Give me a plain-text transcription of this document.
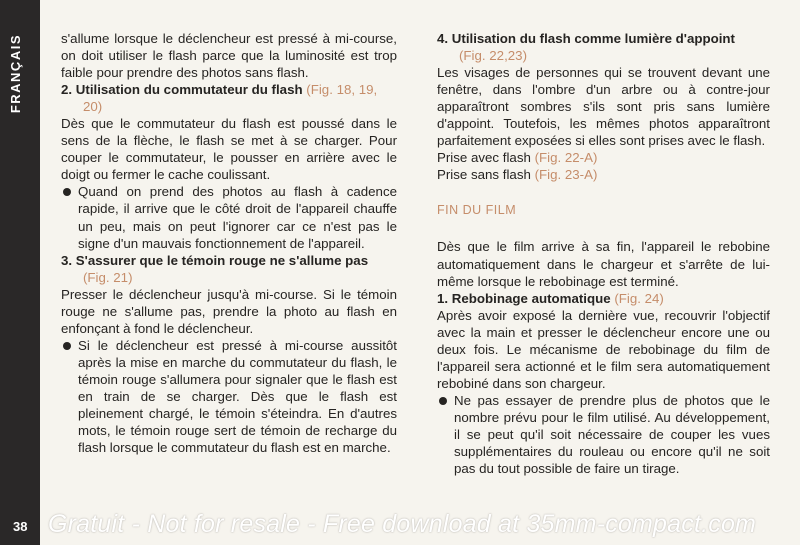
FRANÇAIS
38

s'allume lorsque le déclencheur est pressé à mi-course, on doit utiliser le flash parce que la luminosité est trop faible pour prendre des photos sans flash.

2. Utilisation du commutateur du flash (Fig. 18, 19,
20)

Dès que le commutateur du flash est poussé dans le sens de la flèche, le flash se met à se charger. Pour couper le commutateur, le pousser en arrière avec le doigt ou fermer le cache coulissant.

Quand on prend des photos au flash à cadence rapide, il arrive que le côté droit de l'appareil chauffe un peu, mais on peut l'ignorer car ce n'est pas le signe d'un mauvais fonctionnement de l'appareil.

3. S'assurer que le témoin rouge ne s'allume pas
(Fig. 21)

Presser le déclencheur jusqu'à mi-course. Si le témoin rouge ne s'allume pas, prendre la photo au flash en enfonçant à fond le déclencheur.

Si le déclencheur est pressé à mi-course aussitôt après la mise en marche du commutateur du flash, le témoin rouge s'allumera pour signaler que le flash est en train de se charger. Dès que le flash est pleinement chargé, le témoin s'éteindra. En d'autres mots, le témoin rouge sert de témoin de recharge du flash lorsque le commutateur du flash est en marche.

4. Utilisation du flash comme lumière d'appoint
(Fig. 22,23)

Les visages de personnes qui se trouvent devant une fenêtre, dans l'ombre d'un arbre ou à contre-jour apparaîtront sombres s'ils sont pris sans lumière d'appoint. Toutefois, les mêmes photos apparaîtront parfaitement exposées si elles sont prises avec le flash.

Prise avec flash (Fig. 22-A)
Prise sans flash (Fig. 23-A)
FIN DU FILM

Dès que le film arrive à sa fin, l'appareil le rebobine automatiquement dans le chargeur et s'arrête de lui-même lorsque le rebobinage est terminé.

1. Rebobinage automatique (Fig. 24)

Après avoir exposé la dernière vue, recouvrir l'objectif avec la main et presser le déclencheur encore une ou deux fois. Le mécanisme de rebobinage du film de l'appareil sera actionné et le film sera automatiquement rebobiné dans son chargeur.

Ne pas essayer de prendre plus de photos que le nombre prévu pour le film utilisé. Au développement, il se peut qu'il soit nécessaire de couper les vues supplémentaires du rouleau ou encore qu'il ne soit pas du tout possible de faire un tirage.

Gratuit - Not for resale - Free download at 35mm-compact.com
